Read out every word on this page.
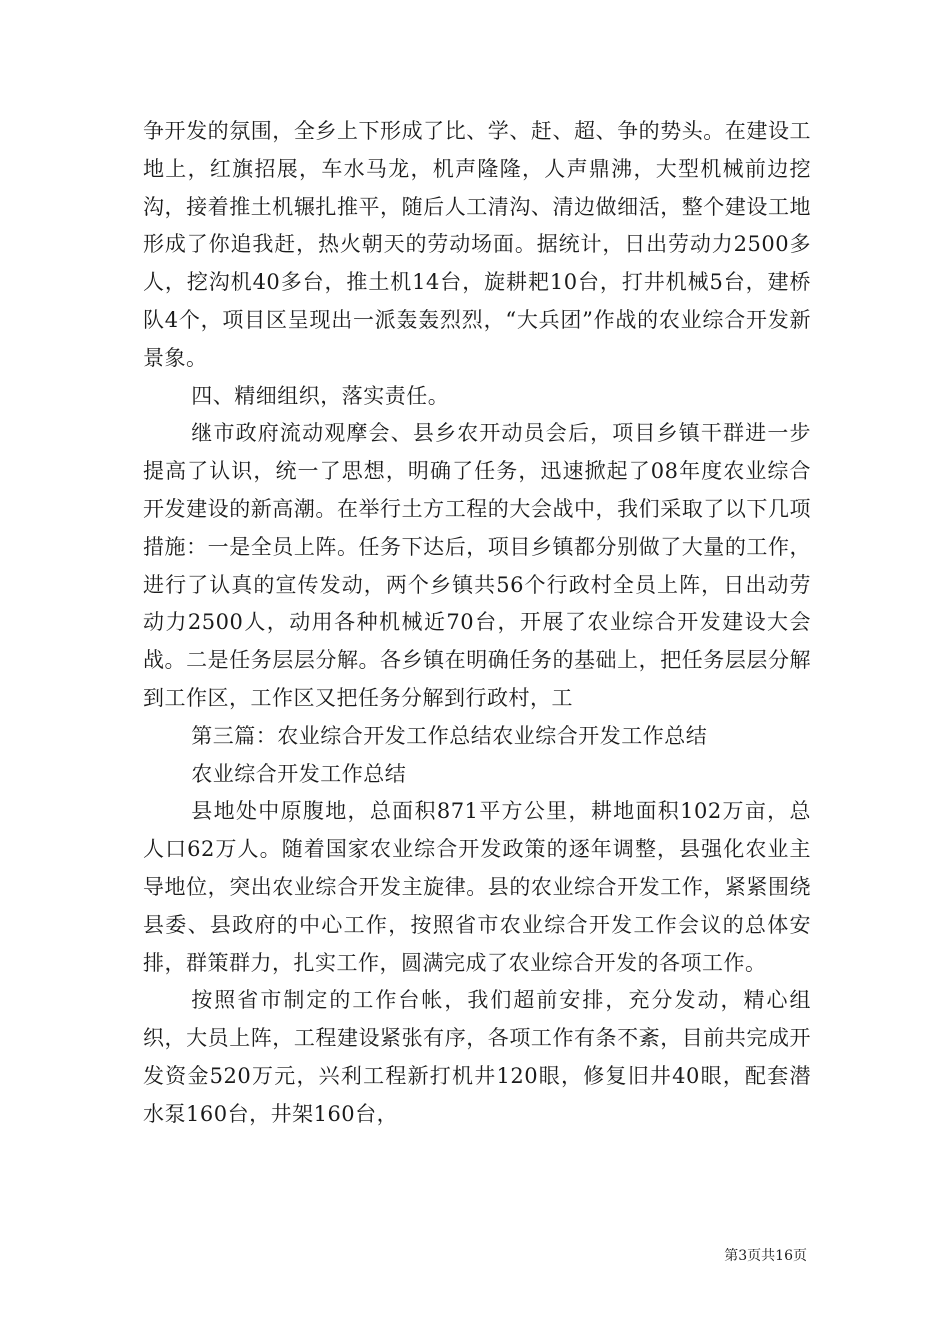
争开发的氛围，全乡上下形成了比、学、赶、超、争的势头。在建设工地上，红旗招展，车水马龙，机声隆隆，人声鼎沸，大型机械前边挖沟，接着推土机辗扎推平，随后人工清沟、清边做细活，整个建设工地形成了你追我赶，热火朝天的劳动场面。据统计，日出劳动力2500多人，挖沟机40多台，推土机14台，旋耕耙10台，打井机械5台，建桥队4个，项目区呈现出一派轰轰烈烈，“大兵团”作战的农业综合开发新景象。

四、精细组织，落实责任。

继市政府流动观摩会、县乡农开动员会后，项目乡镇干群进一步提高了认识，统一了思想，明确了任务，迅速掀起了08年度农业综合开发建设的新高潮。在举行土方工程的大会战中，我们采取了以下几项措施：一是全员上阵。任务下达后，项目乡镇都分别做了大量的工作，进行了认真的宣传发动，两个乡镇共56个行政村全员上阵，日出动劳动力2500人，动用各种机械近70台，开展了农业综合开发建设大会战。二是任务层层分解。各乡镇在明确任务的基础上，把任务层层分解到工作区，工作区又把任务分解到行政村，工

第三篇：农业综合开发工作总结农业综合开发工作总结

农业综合开发工作总结

县地处中原腹地，总面积871平方公里，耕地面积102万亩，总人口62万人。随着国家农业综合开发政策的逐年调整，县强化农业主导地位，突出农业综合开发主旋律。县的农业综合开发工作，紧紧围绕县委、县政府的中心工作，按照省市农业综合开发工作会议的总体安排，群策群力，扎实工作，圆满完成了农业综合开发的各项工作。

按照省市制定的工作台帐，我们超前安排，充分发动，精心组织，大员上阵，工程建设紧张有序，各项工作有条不紊，目前共完成开发资金520万元，兴利工程新打机井120眼，修复旧井40眼，配套潜水泵160台，井架160台，

第3页共16页
